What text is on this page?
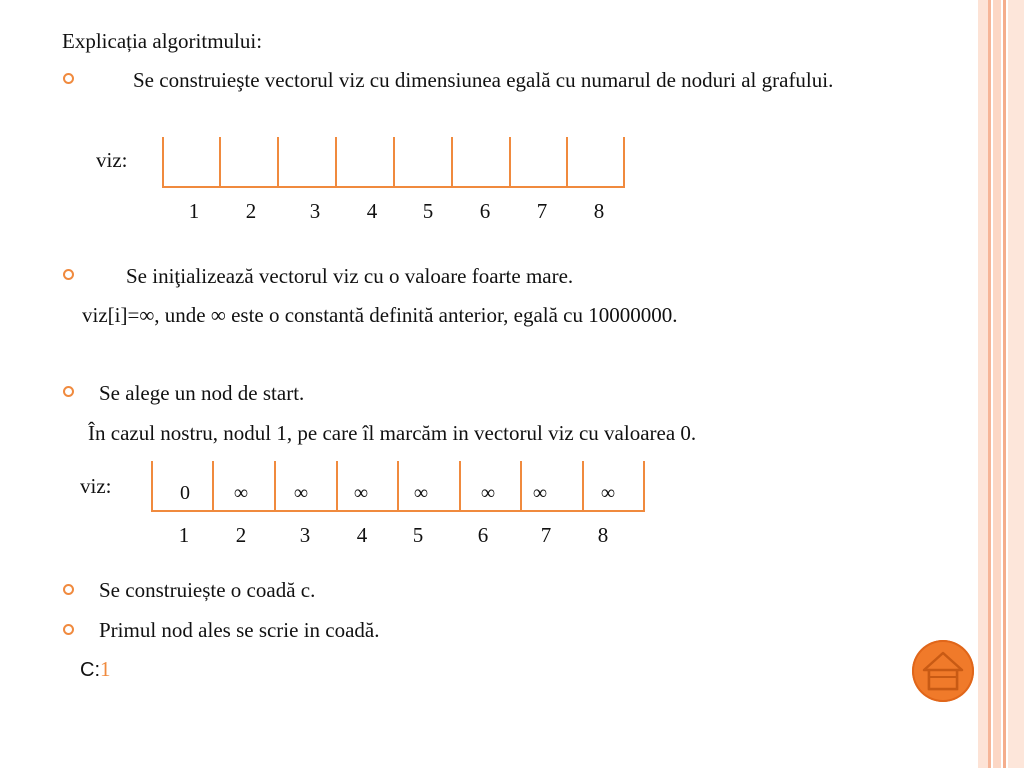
Explicația algoritmului:
Se construieşte vectorul viz cu dimensiunea egală cu numarul de noduri al grafului.
viz:
1 2	3 4 5 6 7 8
Se iniţializează vectorul viz cu o valoare foarte mare.
viz[i]=∞, unde ∞ este o constantă definită anterior, egală cu 10000000.
Se alege un nod de start.
În cazul nostru, nodul 1, pe care îl marcăm in vectorul viz cu valoarea 0.
viz:	0	∞	∞	∞	∞	∞	∞	∞
1 2	3 4 5	6	7 8
Se construiește o coadă c.
Primul nod ales se scrie in coadă.
C:1
